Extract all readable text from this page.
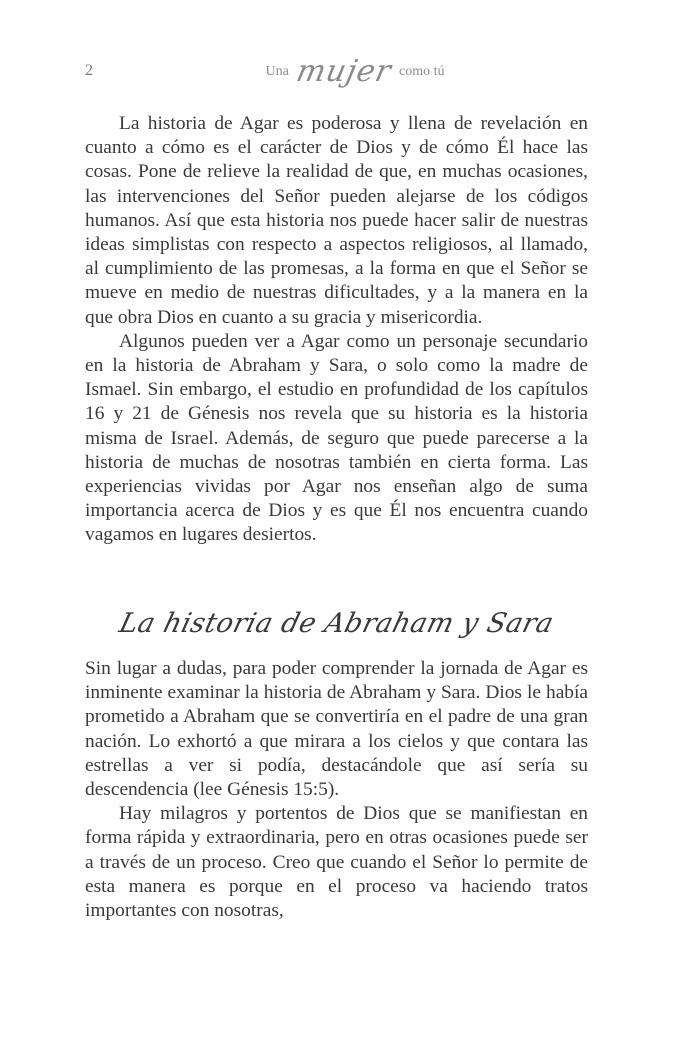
2	Una mujer como tú

La historia de Agar es poderosa y llena de revelación en cuanto a cómo es el carácter de Dios y de cómo Él hace las cosas. Pone de relieve la realidad de que, en muchas ocasiones, las intervenciones del Señor pueden alejarse de los códigos humanos. Así que esta historia nos puede hacer salir de nuestras ideas simplistas con respecto a aspectos religiosos, al llamado, al cumplimiento de las promesas, a la forma en que el Señor se mueve en medio de nuestras dificultades, y a la manera en la que obra Dios en cuanto a su gracia y misericordia.

Algunos pueden ver a Agar como un personaje secundario en la historia de Abraham y Sara, o solo como la madre de Ismael. Sin embargo, el estudio en profundidad de los capítulos 16 y 21 de Génesis nos revela que su historia es la historia misma de Israel. Además, de seguro que puede parecerse a la historia de muchas de nosotras también en cierta forma. Las experiencias vividas por Agar nos enseñan algo de suma importancia acerca de Dios y es que Él nos encuentra cuando vagamos en lugares desiertos.

La historia de Abraham y Sara

Sin lugar a dudas, para poder comprender la jornada de Agar es inminente examinar la historia de Abraham y Sara. Dios le había prometido a Abraham que se convertiría en el padre de una gran nación. Lo exhortó a que mirara a los cielos y que contara las estrellas a ver si podía, destacándole que así sería su descendencia (lee Génesis 15:5).

Hay milagros y portentos de Dios que se manifiestan en forma rápida y extraordinaria, pero en otras ocasiones puede ser a través de un proceso. Creo que cuando el Señor lo permite de esta manera es porque en el proceso va haciendo tratos importantes con nosotras,
